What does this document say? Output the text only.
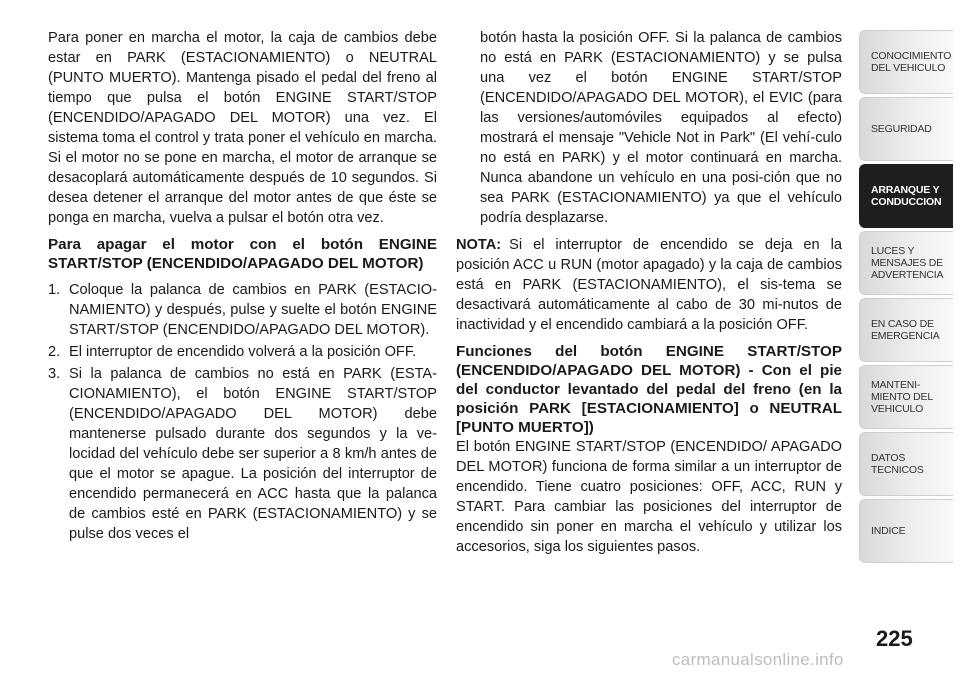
Para poner en marcha el motor, la caja de cambios debe estar en PARK (ESTACIONAMIENTO) o NEUTRAL (PUNTO MUERTO). Mantenga pisado el pedal del freno al tiempo que pulsa el botón ENGINE START/STOP (ENCENDIDO/APAGADO DEL MOTOR) una vez. El sistema toma el control y trata poner el vehículo en marcha. Si el motor no se pone en marcha, el motor de arranque se desacoplará automáticamente después de 10 segundos. Si desea detener el arranque del motor antes de que éste se ponga en marcha, vuelva a pulsar el botón otra vez.

Para apagar el motor con el botón ENGINE START/STOP (ENCENDIDO/APAGADO DEL MOTOR)

1. Coloque la palanca de cambios en PARK (ESTACIO-NAMIENTO) y después, pulse y suelte el botón ENGINE START/STOP (ENCENDIDO/APAGADO DEL MOTOR).
2. El interruptor de encendido volverá a la posición OFF.
3. Si la palanca de cambios no está en PARK (ESTA-CIONAMIENTO), el botón ENGINE START/STOP (ENCENDIDO/APAGADO DEL MOTOR) debe mantenerse pulsado durante dos segundos y la ve-locidad del vehículo debe ser superior a 8 km/h antes de que el motor se apague. La posición del interruptor de encendido permanecerá en ACC hasta que la palanca de cambios esté en PARK (ESTACIONAMIENTO) y se pulse dos veces el

botón hasta la posición OFF. Si la palanca de cambios no está en PARK (ESTACIONAMIENTO) y se pulsa una vez el botón ENGINE START/STOP (ENCENDIDO/APAGADO DEL MOTOR), el EVIC (para las versiones/automóviles equipados al efecto) mostrará el mensaje "Vehicle Not in Park" (El vehí-culo no está en PARK) y el motor continuará en marcha. Nunca abandone un vehículo en una posi-ción que no sea PARK (ESTACIONAMIENTO) ya que el vehículo podría desplazarse.

NOTA: Si el interruptor de encendido se deja en la posición ACC u RUN (motor apagado) y la caja de cambios está en PARK (ESTACIONAMIENTO), el sis-tema se desactivará automáticamente al cabo de 30 mi-nutos de inactividad y el encendido cambiará a la posición OFF.

Funciones del botón ENGINE START/STOP (ENCENDIDO/APAGADO DEL MOTOR) - Con el pie del conductor levantado del pedal del freno (en la posición PARK [ESTACIONAMIENTO] o NEUTRAL [PUNTO MUERTO])

El botón ENGINE START/STOP (ENCENDIDO/ APAGADO DEL MOTOR) funciona de forma similar a un interruptor de encendido. Tiene cuatro posiciones: OFF, ACC, RUN y START. Para cambiar las posiciones del interruptor de encendido sin poner en marcha el vehículo y utilizar los accesorios, siga los siguientes pasos.

CONOCIMIENTO
DEL VEHICULO
SEGURIDAD
ARRANQUE Y
CONDUCCION
LUCES Y
MENSAJES DE
ADVERTENCIA
EN CASO DE
EMERGENCIA
MANTENI-
MIENTO DEL
VEHICULO
DATOS
TECNICOS
INDICE
225
carmanualsonline.info
